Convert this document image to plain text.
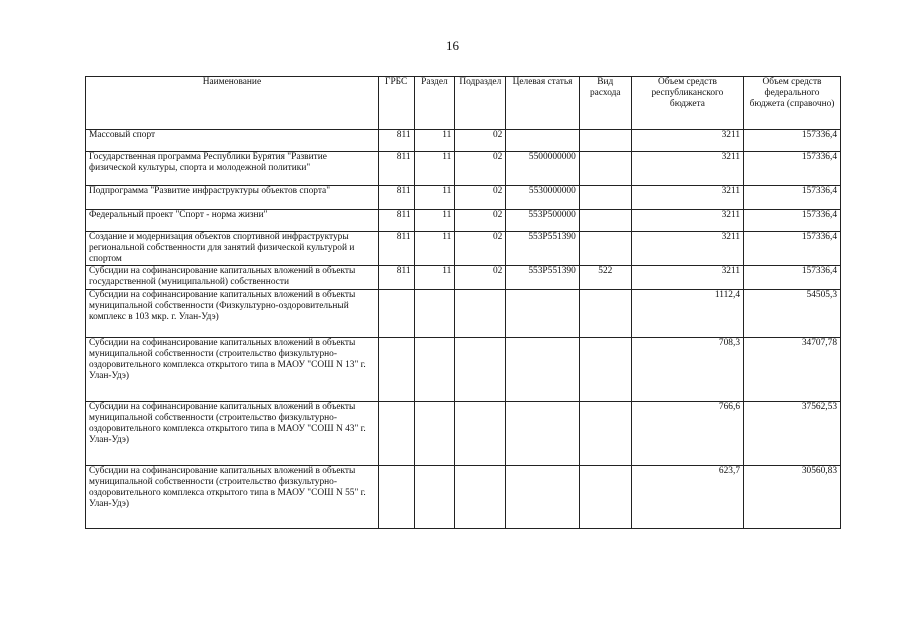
16
Наименование	ГРБС	Раздел	Подраздел	Целевая статья	Вид расхода	Объем средств республиканского бюджета	Объем средств федерального бюджета (справочно)
Массовый спорт	811	11	02			3211	157336,4
Государственная программа Республики Бурятия "Развитие физической культуры, спорта и молодежной политики"	811	11	02	5500000000		3211	157336,4
Подпрограмма "Развитие инфраструктуры объектов спорта"	811	11	02	5530000000		3211	157336,4
Федеральный проект "Спорт - норма жизни"	811	11	02	553P500000		3211	157336,4
Создание и модернизация объектов спортивной инфраструктуры региональной собственности для занятий физической культурой и спортом	811	11	02	553P551390		3211	157336,4
Субсидии на софинансирование капитальных вложений в объекты государственной (муниципальной) собственности	811	11	02	553P551390	522	3211	157336,4
Субсидии на софинансирование капитальных вложений в объекты муниципальной собственности (Физкультурно-оздоровительный комплекс в 103 мкр. г. Улан-Удэ)						1112,4	54505,3
Субсидии на софинансирование капитальных вложений в объекты муниципальной собственности (строительство физкультурно-оздоровительного комплекса открытого типа в МАОУ "СОШ N 13" г. Улан-Удэ)						708,3	34707,78
Субсидии на софинансирование капитальных вложений в объекты муниципальной собственности (строительство физкультурно-оздоровительного комплекса открытого типа в МАОУ "СОШ N 43" г. Улан-Удэ)						766,6	37562,53
Субсидии на софинансирование капитальных вложений в объекты муниципальной собственности (строительство физкультурно-оздоровительного комплекса открытого типа в МАОУ "СОШ N 55" г. Улан-Удэ)						623,7	30560,83
